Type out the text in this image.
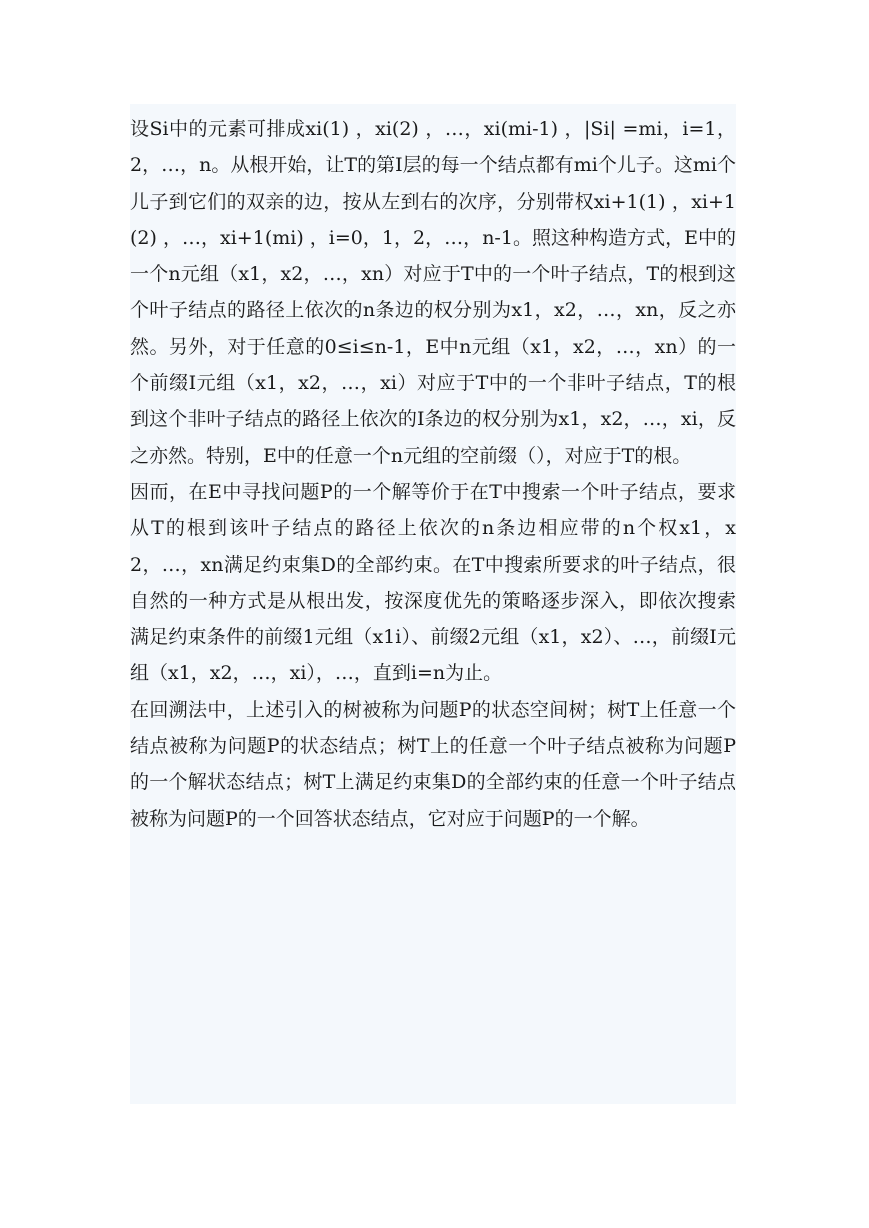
设Si中的元素可排成xi(1) ，xi(2) ，…，xi(mi-1) ，|Si| =mi，i=1，2，…，n。从根开始，让T的第I层的每一个结点都有mi个儿子。这mi个儿子到它们的双亲的边，按从左到右的次序，分别带权xi+1(1) ，xi+1(2) ，…，xi+1(mi) ，i=0，1，2，…，n-1。照这种构造方式，E中的一个n元组（x1，x2，…，xn）对应于T中的一个叶子结点，T的根到这个叶子结点的路径上依次的n条边的权分别为x1，x2，…，xn，反之亦然。另外，对于任意的0≤i≤n-1，E中n元组（x1，x2，…，xn）的一个前缀I元组（x1，x2，…，xi）对应于T中的一个非叶子结点，T的根到这个非叶子结点的路径上依次的I条边的权分别为x1，x2，…，xi，反之亦然。特别，E中的任意一个n元组的空前缀（），对应于T的根。

因而，在E中寻找问题P的一个解等价于在T中搜索一个叶子结点，要求从T的根到该叶子结点的路径上依次的n条边相应带的n个权x1，x2，…，xn满足约束集D的全部约束。在T中搜索所要求的叶子结点，很自然的一种方式是从根出发，按深度优先的策略逐步深入，即依次搜索满足约束条件的前缀1元组（x1i）、前缀2元组（x1，x2）、…，前缀I元组（x1，x2，…，xi），…，直到i=n为止。

在回溯法中，上述引入的树被称为问题P的状态空间树；树T上任意一个结点被称为问题P的状态结点；树T上的任意一个叶子结点被称为问题P的一个解状态结点；树T上满足约束集D的全部约束的任意一个叶子结点被称为问题P的一个回答状态结点，它对应于问题P的一个解。
